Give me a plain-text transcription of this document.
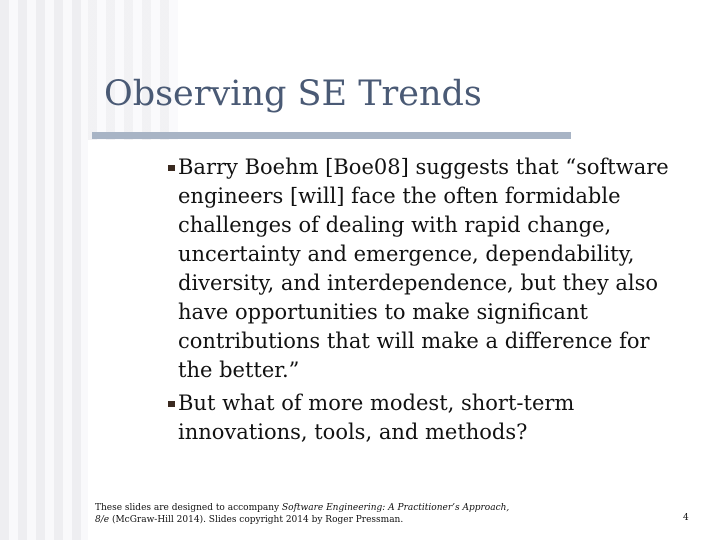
Observing SE Trends
Barry Boehm [Boe08] suggests that “software engineers [will] face the often formidable challenges of dealing with rapid change, uncertainty and emergence, dependability, diversity, and interdependence, but they also have opportunities to make significant contributions that will make a difference for the better.”
But what of more modest, short-term innovations, tools, and methods?
These slides are designed to accompany Software Engineering: A Practitioner’s Approach, 8/e (McGraw-Hill 2014). Slides copyright 2014 by Roger Pressman.	4
